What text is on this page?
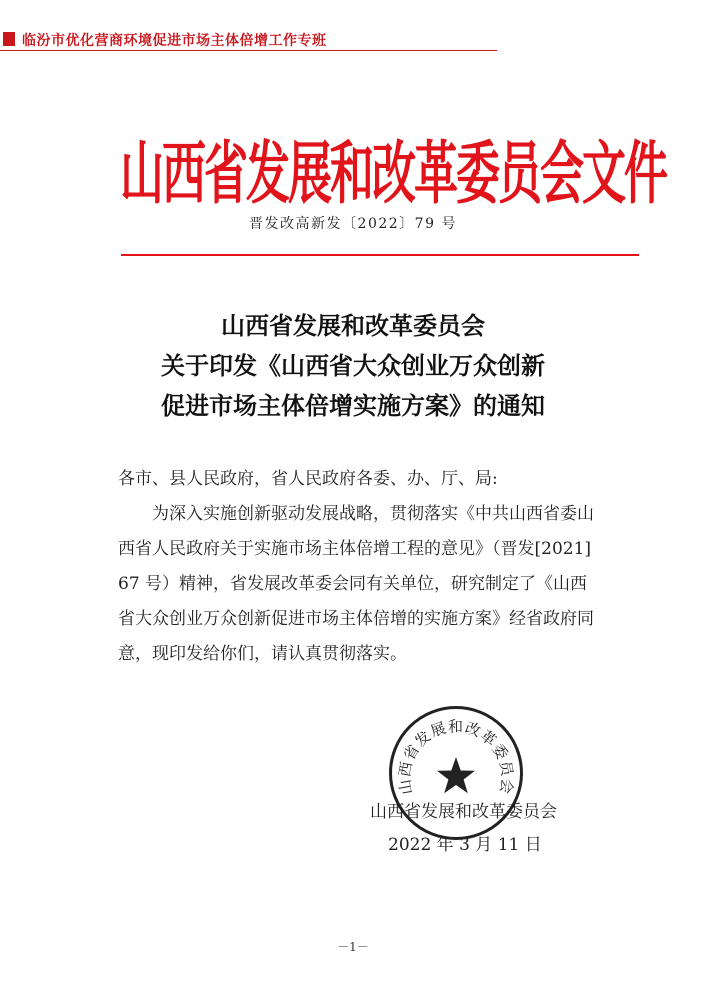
临汾市优化营商环境促进市场主体倍增工作专班
山西省发展和改革委员会文件
晋发改高新发〔2022〕79 号
山西省发展和改革委员会
关于印发《山西省大众创业万众创新
促进市场主体倍增实施方案》的通知

各市、县人民政府，省人民政府各委、办、厅、局:

为深入实施创新驱动发展战略，贯彻落实《中共山西省委山西省人民政府关于实施市场主体倍增工程的意见》（晋发[2021] 67 号）精神，省发展改革委会同有关单位，研究制定了《山西省大众创业万众创新促进市场主体倍增的实施方案》经省政府同意，现印发给你们，请认真贯彻落实。

山西省发展和改革委员会
山西省发展和改革委员会
2022 年 3 月 11 日
－1－
